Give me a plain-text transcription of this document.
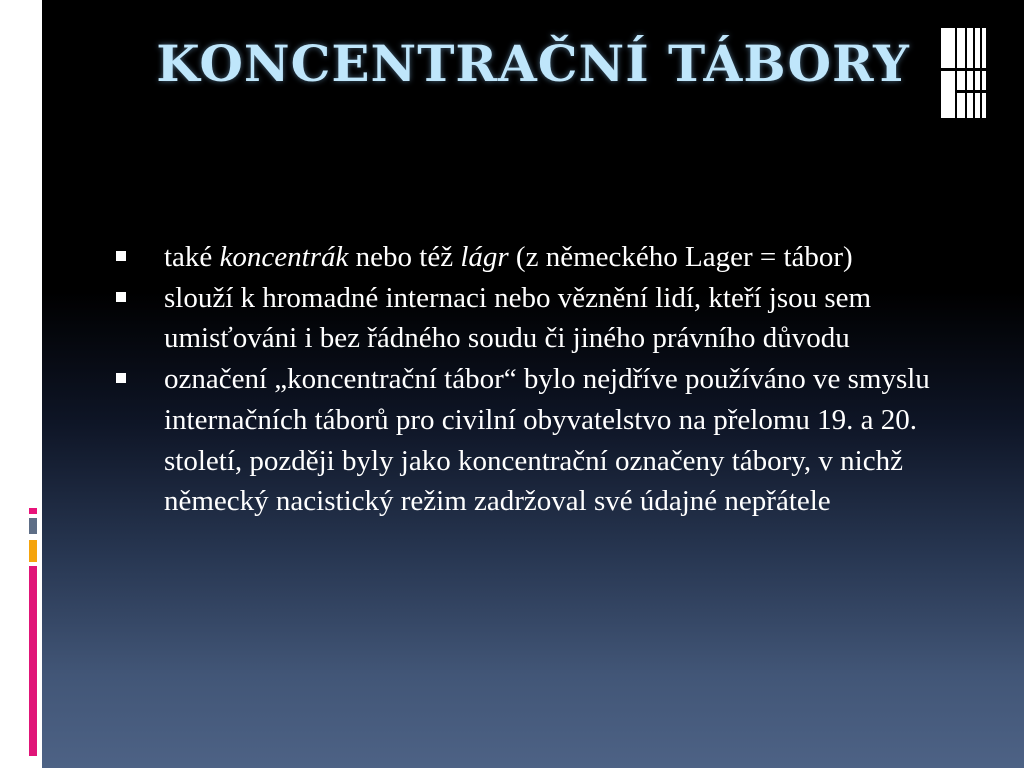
KONCENTRAČNÍ TÁBORY
také koncentrák nebo též lágr (z německého Lager = tábor)
slouží k hromadné internaci nebo věznění lidí, kteří jsou sem umisťováni i bez řádného soudu či jiného právního důvodu
označení „koncentrační tábor“ bylo nejdříve používáno ve smyslu internačních táborů pro civilní obyvatelstvo na přelomu 19. a 20. století, později byly jako koncentrační označeny tábory, v nichž německý nacistický režim zadržoval své údajné nepřátele
